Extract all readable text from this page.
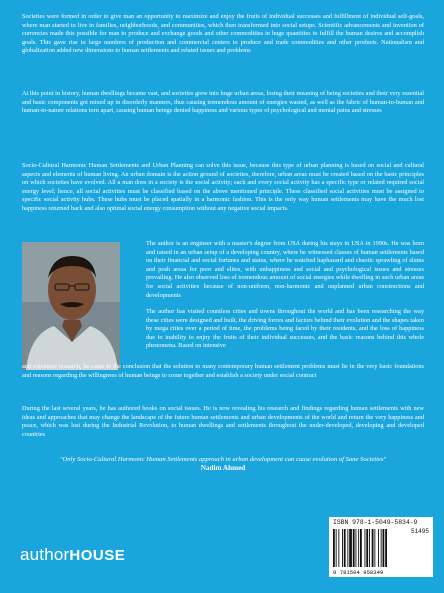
Societies were formed in order to give man an opportunity to maximize and enjoy the fruits of individual successes and fulfillment of individual self-goals, where man started to live in families, neighborhoods, and communities, which then transformed into social setups. Scientific advancements and invention of currencies made this possible for man to produce and exchange goods and other commodities in huge quantities to fulfill the human desires and accomplish goals. This gave rise to large numbers of production and commercial centers to produce and trade commodities and other products. Nationalism and globalization added new dimensions to human settlements and related issues and problems

At this point in history, human dwellings became vast, and societies grew into huge urban areas, losing their meaning of being societies and their very essential and basic components got mixed up in disorderly manners, thus causing tremendous amount of energies wasted, as well as the fabric of human-to-human and human-to-nature relations torn apart, causing human beings denied happiness and various types of psychological and mental pains and stresses

Socio-Cultural Harmonic Human Settlements and Urban Planning can solve this issue, because this type of urban planning is based on social and cultural aspects and elements of human living. An urban domain is the action ground of societies, therefore, urban areas must be created based on the basic principles on which societies have evolved. All a man does in a society is the social activity; each and every social activity has a specific type or related required social energy level; hence, all social activities must be classified based on the above mentioned principle. These classified social activities must be assigned to specific social activity hubs. These hubs must be placed spatially in a harmonic fashion. This is the only way human settlements may have the much lost happiness returned back and also optimal social energy consumption without any negative social impacts.

The author is an engineer with a master's degree from USA during his stays in USA in 1990s. He was born and raised in an urban setup of a developing country, where he witnessed classes of human settlements based on their financial and social fortunes and status, where he watched haphazard and chaotic sprawling of slums and posh areas for poor and elites, with unhappiness and social and psychological issues and stresses prevailing. He also observed loss of tremendous amount of social energies while dwelling in such urban areas for social activities because of non-uniform, non-harmonic and unplanned urban constructions and developments

The author has visited countless cities and towns throughout the world and has been researching the way these cities were designed and built, the driving forces and factors behind their evolution and the shapes taken by mega cities over a period of time, the problems being faced by their residents, and the loss of happiness due to inability to enjoy the fruits of their individual successes, and the basic reasons behind this whole phenomena. Based on intensive

and extensive research, he came to the conclusion that the solution to many contemporary human settlement problems must lie in the very basic foundations and reasons regarding the willingness of human beings to come together and establish a society under social contract

During the last several years, he has authored books on social issues. He is now revealing his research and findings regarding human settlements with new ideas and approaches that may change the landscape of the future human settlements and urban developments of the world and return the very happiness and peace, which was lost during the Industrial Revolution, to human dwellings and settlements throughout the under-developed, developing and developed countries

"Only Socio-Cultural Harmonic Human Settlements approach in urban development can cause evolution of Sane Societies"
Nadim Ahmed
authorHOUSE
ISBN 978-1-5049-5834-9
51495
9 781504 958349
